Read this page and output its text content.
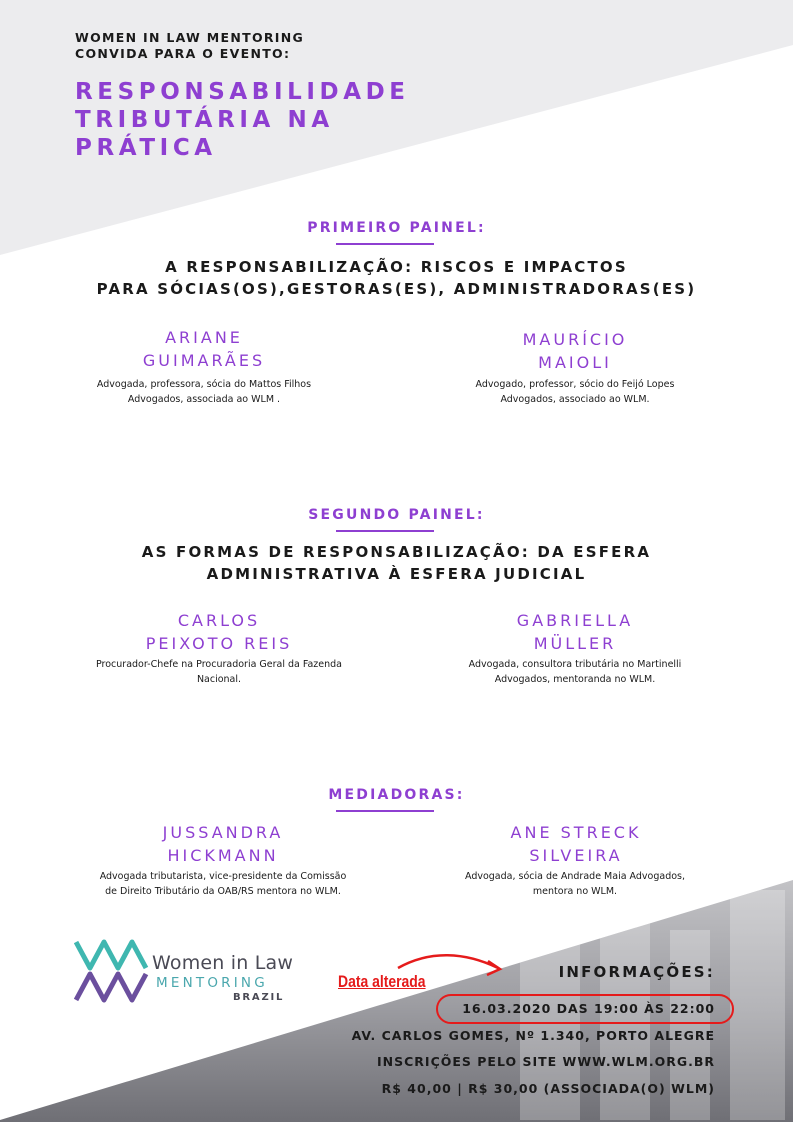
WOMEN IN LAW MENTORING
CONVIDA PARA O EVENTO:
RESPONSABILIDADE
TRIBUTÁRIA NA
PRÁTICA
PRIMEIRO PAINEL:
A RESPONSABILIZAÇÃO: RISCOS E IMPACTOS
PARA SÓCIAS(OS),GESTORAS(ES), ADMINISTRADORAS(ES)
ARIANE
GUIMARÃES
Advogada, professora, sócia do Mattos Filhos
Advogados, associada ao WLM .
MAURÍCIO
MAIOLI
Advogado, professor, sócio do Feijó Lopes
Advogados, associado ao WLM.
SEGUNDO PAINEL:
AS FORMAS DE RESPONSABILIZAÇÃO: DA ESFERA
ADMINISTRATIVA À ESFERA JUDICIAL
CARLOS
PEIXOTO REIS
Procurador-Chefe na Procuradoria Geral da Fazenda
Nacional.
GABRIELLA
MÜLLER
Advogada, consultora tributária no Martinelli
Advogados, mentoranda no WLM.
MEDIADORAS:
JUSSANDRA
HICKMANN
Advogada tributarista, vice-presidente da Comissão
de Direito Tributário da OAB/RS mentora no WLM.
ANE STRECK
SILVEIRA
Advogada, sócia de Andrade Maia Advogados,
mentora no WLM.
Women in Law
MENTORING
BRAZIL
Data alterada	INFORMAÇÕES:
16.03.2020 DAS 19:00 ÀS 22:00
AV. CARLOS GOMES, Nº 1.340, PORTO ALEGRE
INSCRIÇÕES PELO SITE WWW.WLM.ORG.BR
R$ 40,00 | R$ 30,00 (ASSOCIADA(O) WLM)
